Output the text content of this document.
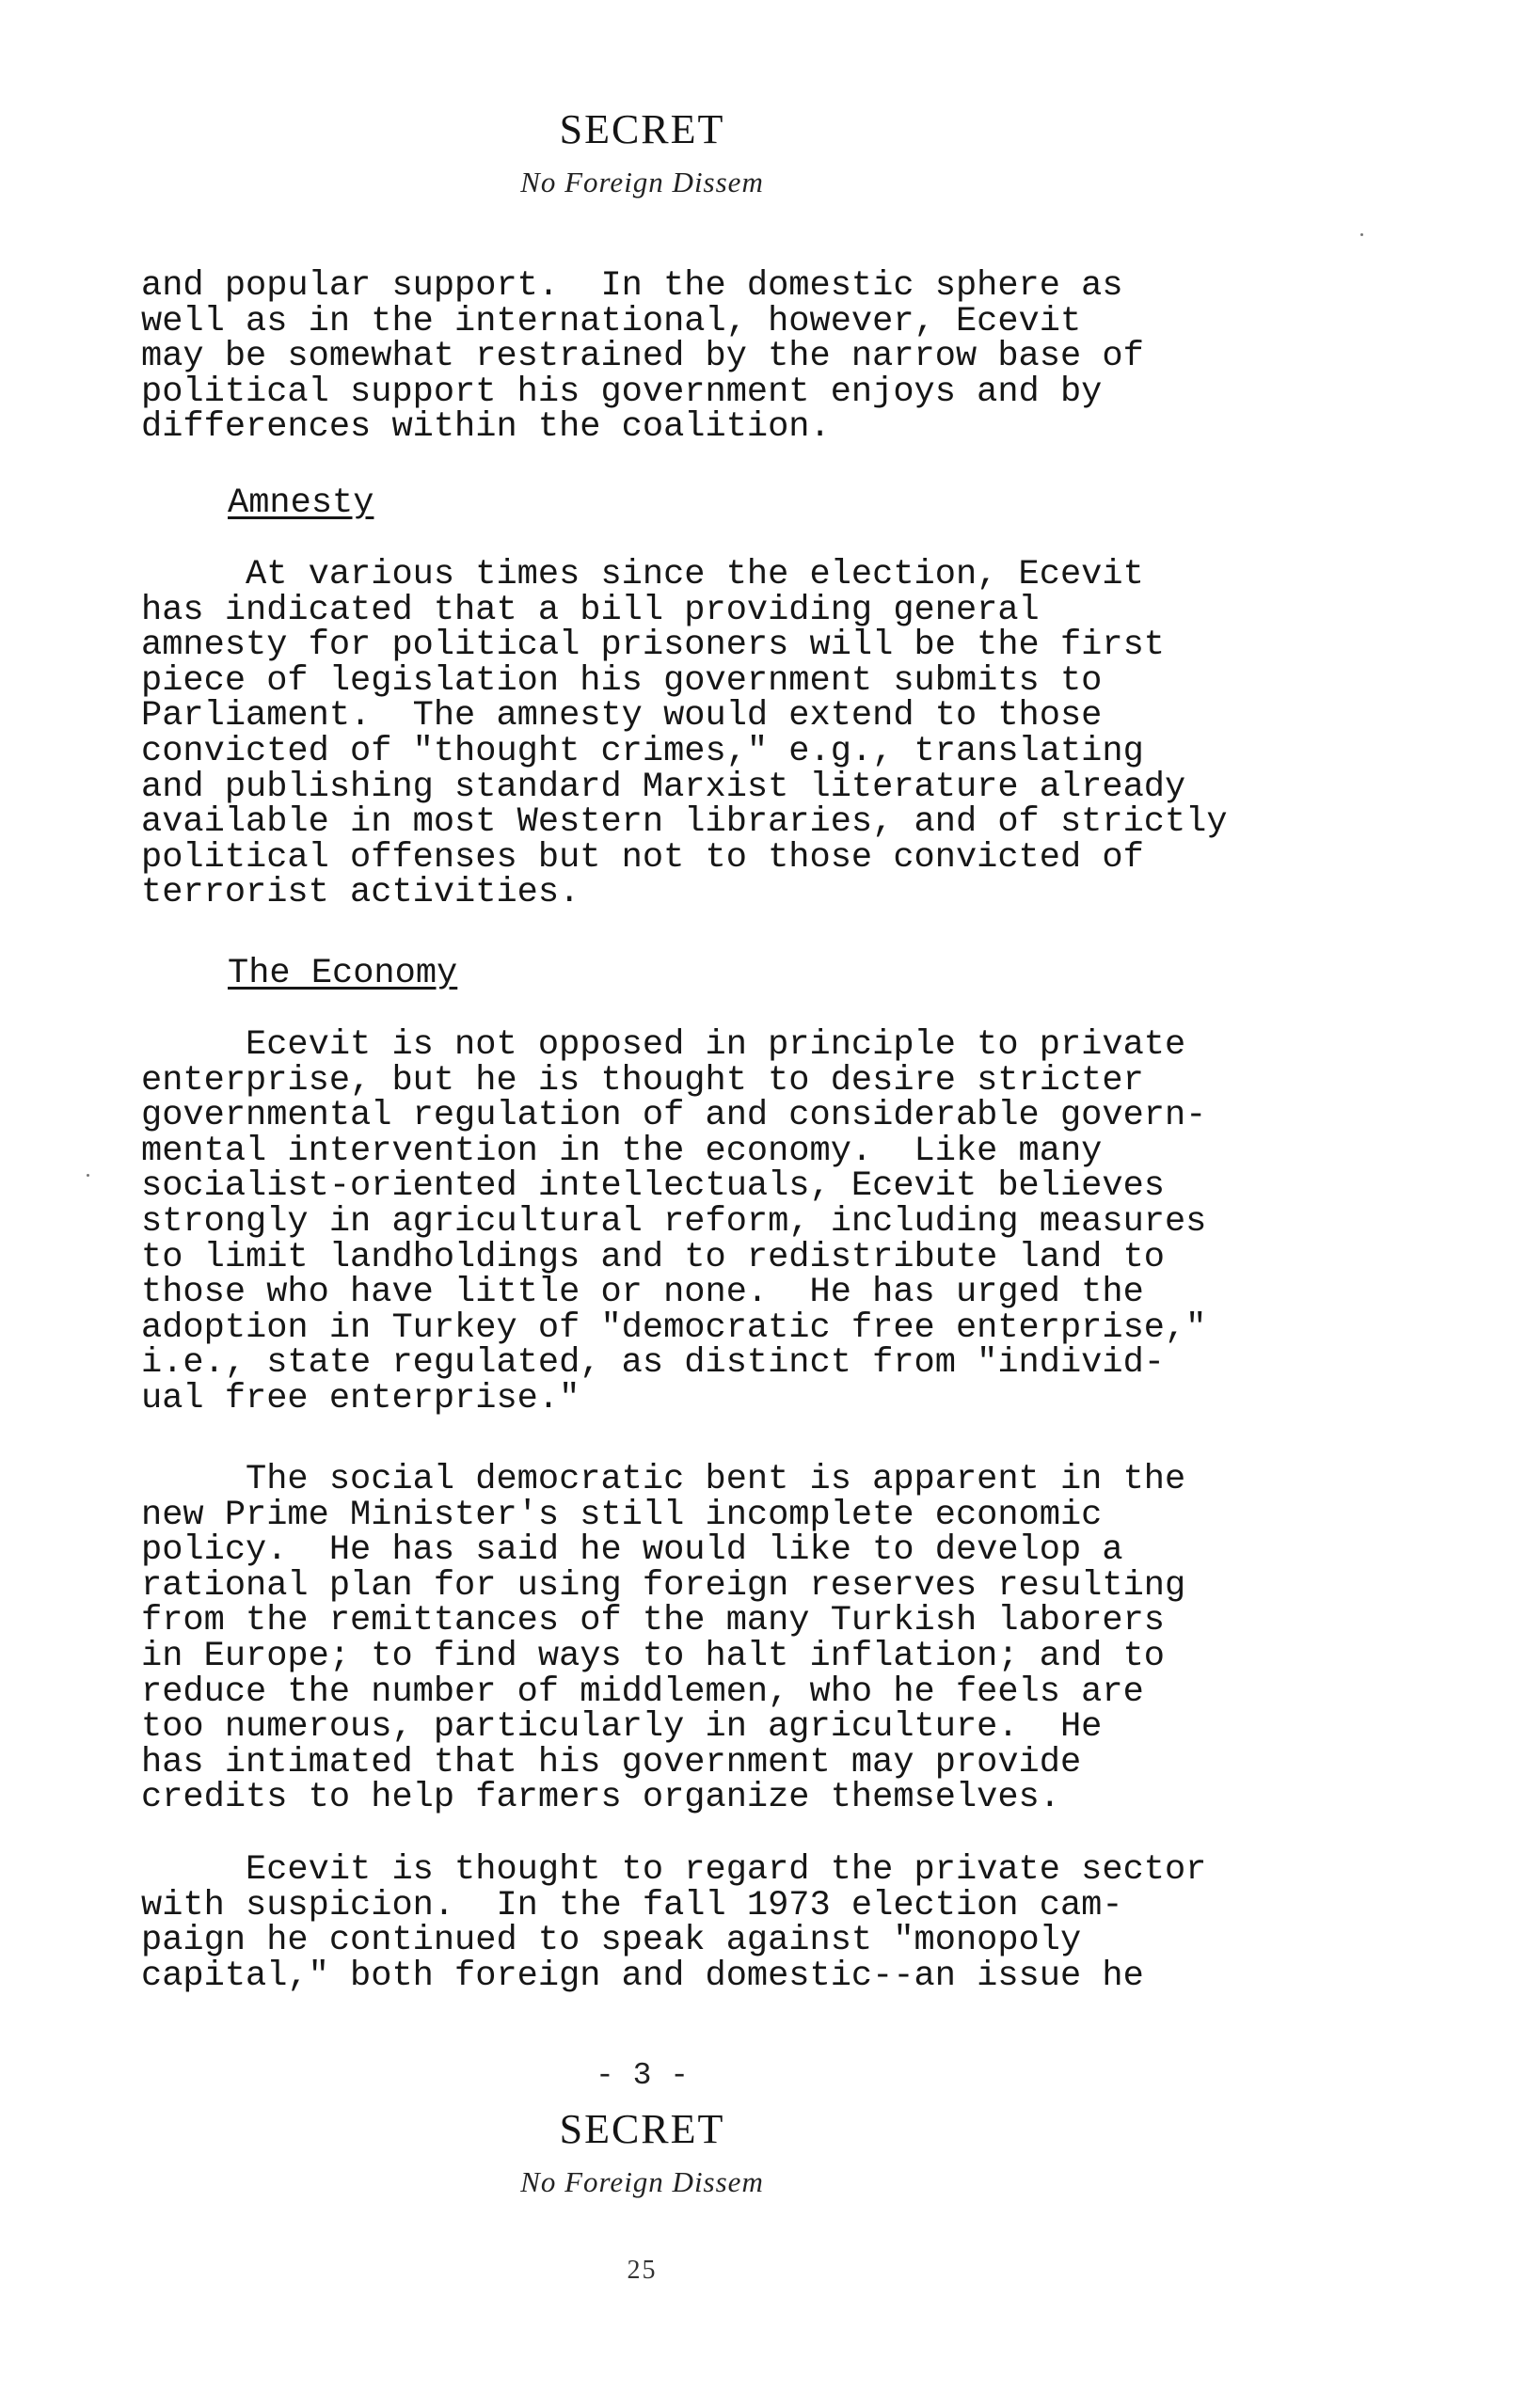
SECRET
No Foreign Dissem
and popular support.  In the domestic sphere as
well as in the international, however, Ecevit
may be somewhat restrained by the narrow base of
political support his government enjoys and by
differences within the coalition.
Amnesty
At various times since the election, Ecevit
has indicated that a bill providing general
amnesty for political prisoners will be the first
piece of legislation his government submits to
Parliament.  The amnesty would extend to those
convicted of "thought crimes," e.g., translating
and publishing standard Marxist literature already
available in most Western libraries, and of strictly
political offenses but not to those convicted of
terrorist activities.
The Economy
Ecevit is not opposed in principle to private
enterprise, but he is thought to desire stricter
governmental regulation of and considerable govern-
mental intervention in the economy.  Like many
socialist-oriented intellectuals, Ecevit believes
strongly in agricultural reform, including measures
to limit landholdings and to redistribute land to
those who have little or none.  He has urged the
adoption in Turkey of "democratic free enterprise,"
i.e., state regulated, as distinct from "individ-
ual free enterprise."
The social democratic bent is apparent in the
new Prime Minister's still incomplete economic
policy.  He has said he would like to develop a
rational plan for using foreign reserves resulting
from the remittances of the many Turkish laborers
in Europe; to find ways to halt inflation; and to
reduce the number of middlemen, who he feels are
too numerous, particularly in agriculture.  He
has intimated that his government may provide
credits to help farmers organize themselves.
Ecevit is thought to regard the private sector
with suspicion.  In the fall 1973 election cam-
paign he continued to speak against "monopoly
capital," both foreign and domestic--an issue he
- 3 -
SECRET
No Foreign Dissem
25
